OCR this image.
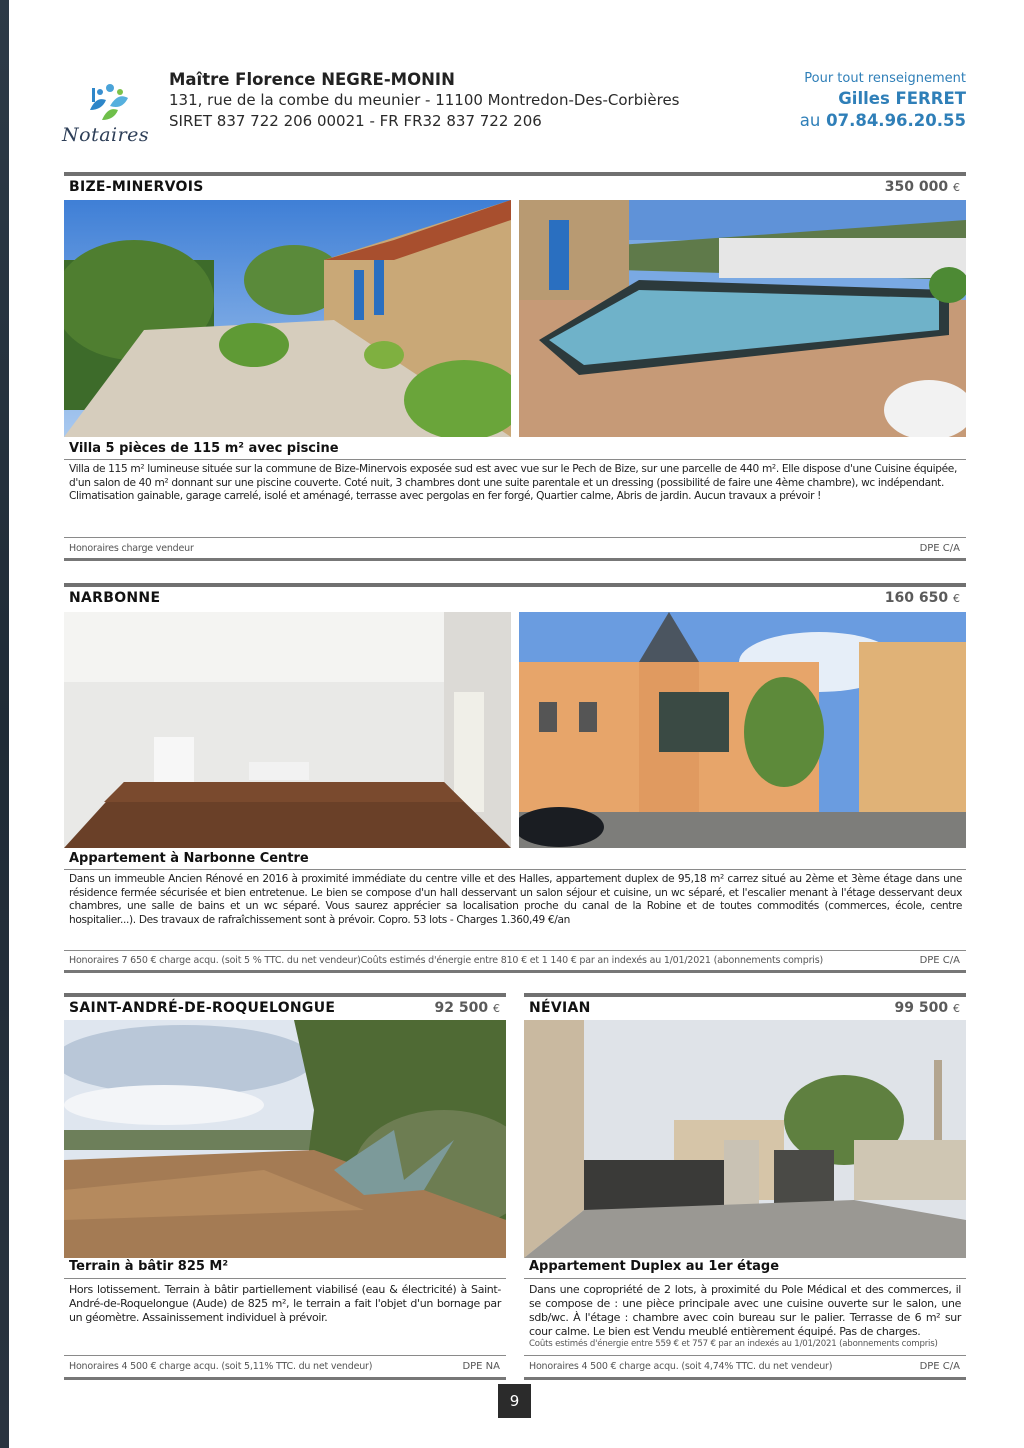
Notaires
Maître Florence NEGRE-MONIN
131, rue de la combe du meunier - 11100 Montredon-Des-Corbières
SIRET 837 722 206 00021 - FR FR32 837 722 206
Pour tout renseignement
Gilles FERRET
au 07.84.96.20.55
BIZE-MINERVOIS	350 000 €
Villa 5 pièces de 115 m² avec piscine
Villa de 115 m² lumineuse située sur la commune de Bize-Minervois exposée sud est avec vue sur le Pech de Bize, sur une parcelle de 440 m². Elle dispose d'une Cuisine équipée, d'un salon de 40 m² donnant sur une piscine couverte. Coté nuit, 3 chambres dont une suite parentale et un dressing (possibilité de faire une 4ème chambre), wc indépendant. Climatisation gainable, garage carrelé, isolé et aménagé, terrasse avec pergolas en fer forgé, Quartier calme, Abris de jardin. Aucun travaux a prévoir !
Honoraires charge vendeur	DPE C/A
NARBONNE	160 650 €
Appartement à Narbonne Centre
Dans un immeuble Ancien Rénové en 2016 à proximité immédiate du centre ville et des Halles, appartement duplex de 95,18 m² carrez situé au 2ème et 3ème étage dans une résidence fermée sécurisée et bien entretenue. Le bien se compose d'un hall desservant un salon séjour et cuisine, un wc séparé, et l'escalier menant à l'étage desservant deux chambres, une salle de bains et un wc séparé. Vous saurez apprécier sa localisation proche du canal de la Robine et de toutes commodités (commerces, école, centre hospitalier...). Des travaux de rafraîchissement sont à prévoir. Copro. 53 lots - Charges 1.360,49 €/an
Honoraires 7 650 € charge acqu. (soit 5 % TTC. du net vendeur)Coûts estimés d'énergie entre 810 € et 1 140 € par an indexés au 1/01/2021 (abonnements compris)	DPE C/A
SAINT-ANDRÉ-DE-ROQUELONGUE	92 500 €
Terrain à bâtir 825 M²
Hors lotissement. Terrain à bâtir partiellement viabilisé (eau & électricité) à Saint-André-de-Roquelongue (Aude) de 825 m², le terrain a fait l'objet d'un bornage par un géomètre. Assainissement individuel à prévoir.
Honoraires 4 500 € charge acqu. (soit 5,11% TTC. du net vendeur)	DPE NA
NÉVIAN	99 500 €
Appartement Duplex au 1er étage
Dans une copropriété de 2 lots, à proximité du Pole Médical et des commerces, il se compose de : une pièce principale avec une cuisine ouverte sur le salon, une sdb/wc. À l'étage : chambre avec coin bureau sur le palier. Terrasse de 6 m² sur cour calme. Le bien est Vendu meublé entièrement équipé. Pas de charges.
Coûts estimés d'énergie entre 559 € et 757 € par an indexés au 1/01/2021 (abonnements compris)
Honoraires 4 500 € charge acqu. (soit 4,74% TTC. du net vendeur)	DPE C/A
9
